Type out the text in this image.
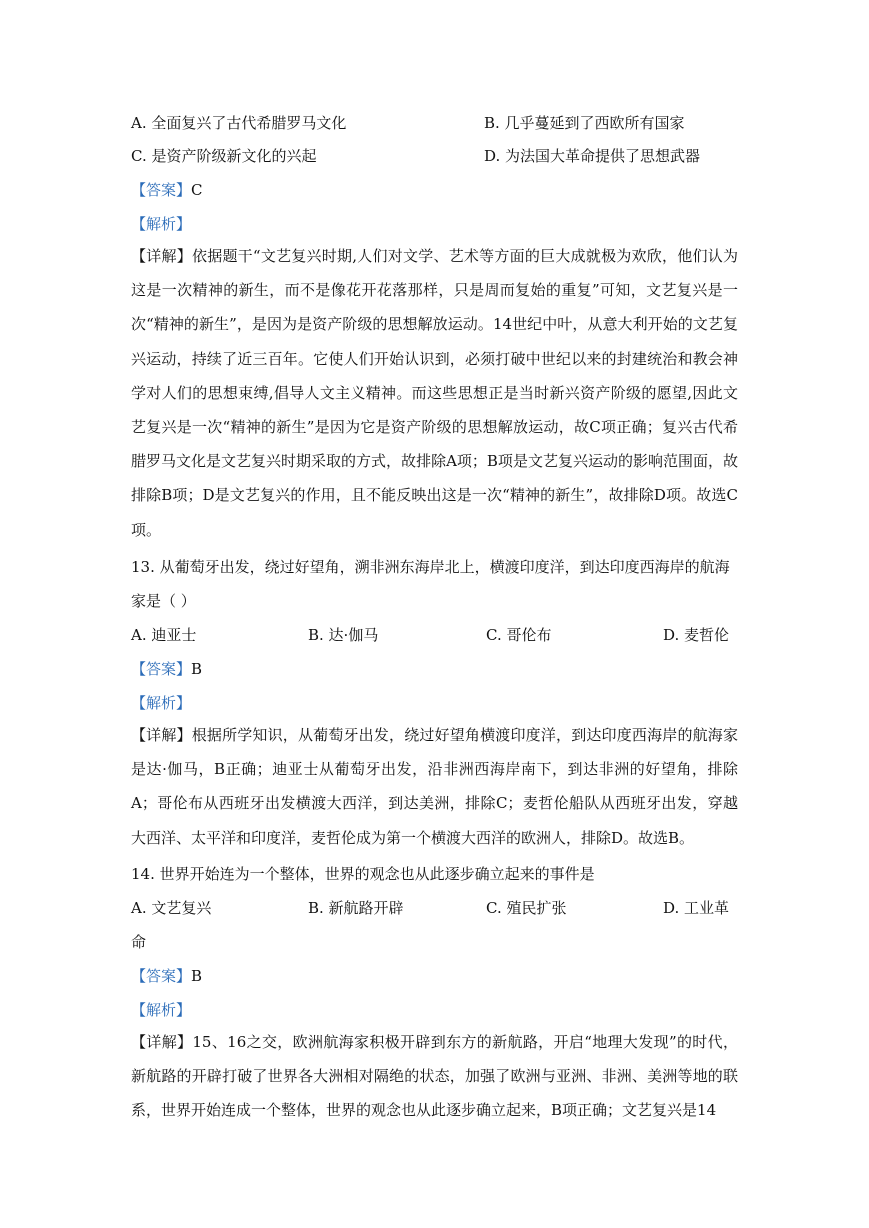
A. 全面复兴了古代希腊罗马文化	B. 几乎蔓延到了西欧所有国家
C. 是资产阶级新文化的兴起	D. 为法国大革命提供了思想武器
【答案】C
【解析】
【详解】依据题干“文艺复兴时期,人们对文学、艺术等方面的巨大成就极为欢欣，他们认为这是一次精神的新生，而不是像花开花落那样，只是周而复始的重复”可知，文艺复兴是一次“精神的新生”，是因为是资产阶级的思想解放运动。14世纪中叶，从意大利开始的文艺复兴运动，持续了近三百年。它使人们开始认识到，必须打破中世纪以来的封建统治和教会神学对人们的思想束缚,倡导人文主义精神。而这些思想正是当时新兴资产阶级的愿望,因此文艺复兴是一次“精神的新生”是因为它是资产阶级的思想解放运动，故C项正确；复兴古代希腊罗马文化是文艺复兴时期采取的方式，故排除A项；B项是文艺复兴运动的影响范围面，故排除B项；D是文艺复兴的作用，且不能反映出这是一次“精神的新生”，故排除D项。故选C项。
13. 从葡萄牙出发，绕过好望角，溯非洲东海岸北上，横渡印度洋，到达印度西海岸的航海
家是（ ）
A. 迪亚士	B. 达·伽马	C. 哥伦布	D. 麦哲伦
【答案】B
【解析】
【详解】根据所学知识，从葡萄牙出发，绕过好望角横渡印度洋，到达印度西海岸的航海家是达·伽马，B正确；迪亚士从葡萄牙出发，沿非洲西海岸南下，到达非洲的好望角，排除A；哥伦布从西班牙出发横渡大西洋，到达美洲，排除C；麦哲伦船队从西班牙出发，穿越大西洋、太平洋和印度洋，麦哲伦成为第一个横渡大西洋的欧洲人，排除D。故选B。
14. 世界开始连为一个整体，世界的观念也从此逐步确立起来的事件是
A. 文艺复兴	B. 新航路开辟	C. 殖民扩张	D. 工业革
命
【答案】B
【解析】
【详解】15、16之交，欧洲航海家积极开辟到东方的新航路，开启“地理大发现”的时代，新航路的开辟打破了世界各大洲相对隔绝的状态，加强了欧洲与亚洲、非洲、美洲等地的联系，世界开始连成一个整体，世界的观念也从此逐步确立起来，B项正确；文艺复兴是14
